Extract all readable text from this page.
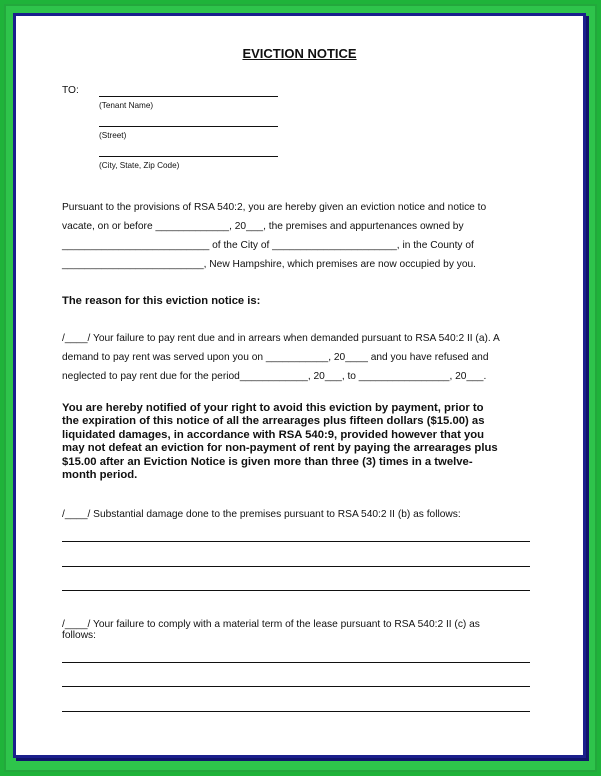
EVICTION NOTICE
TO:
(Tenant Name)
(Street)
(City, State, Zip Code)
Pursuant to the provisions of RSA 540:2, you are hereby given an eviction notice and notice to
vacate, on or before _____________, 20___, the premises and appurtenances owned by
__________________________ of the City of ______________________, in the County of
_________________________, New Hampshire, which premises are now occupied by you.
The reason for this eviction notice is:
/____/ Your failure to pay rent due and in arrears when demanded pursuant to RSA 540:2 II (a). A
demand to pay rent was served upon you on ___________, 20____ and you have refused and
neglected to pay rent due for the period____________, 20___, to ________________, 20___.
You are hereby notified of your right to avoid this eviction by payment, prior to
the expiration of this notice of all the arrearages plus fifteen dollars ($15.00) as
liquidated damages, in accordance with RSA 540:9, provided however that you
may not defeat an eviction for non-payment of rent by paying the arrearages plus
$15.00 after an Eviction Notice is given more than three (3) times in a twelve-
month period.
/____/ Substantial damage done to the premises pursuant to RSA 540:2 II (b) as follows:
/____/ Your failure to comply with a material term of the lease pursuant to RSA 540:2 II (c) as
follows:
